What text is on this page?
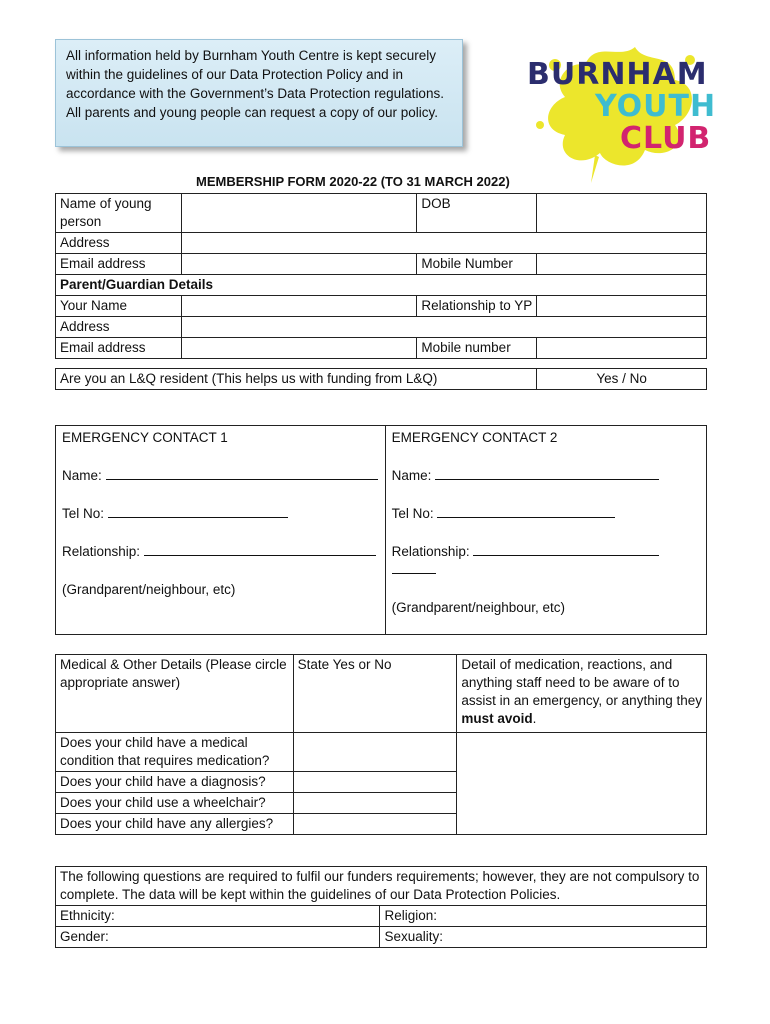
All information held by Burnham Youth Centre is kept securely within the guidelines of our Data Protection Policy and in accordance with the Government’s Data Protection regulations. All parents and young people can request a copy of our policy.
BURNHAM
YOUTH
CLUB
MEMBERSHIP FORM 2020-22 (TO 31 MARCH 2022)
Name of young person		DOB	
Address			
Email address		Mobile Number	
Parent/Guardian Details			
Your Name		Relationship to YP	
Address			
Email address		Mobile number	
Are you an L&Q resident (This helps us with funding from L&Q)	Yes / No
EMERGENCY CONTACT 1
Name:
Tel No:
Relationship:
(Grandparent/neighbour, etc)

EMERGENCY CONTACT 2
Name:
Tel No:
Relationship:

(Grandparent/neighbour, etc)
Medical & Other Details (Please circle appropriate answer)	State Yes or No	Detail of medication, reactions, and anything staff need to be aware of to assist in an emergency, or anything they must avoid.
Does your child have a medical condition that requires medication?		
Does your child have a diagnosis?		
Does your child use a wheelchair?		
Does your child have any allergies?		
The following questions are required to fulfil our funders requirements; however, they are not compulsory to complete. The data will be kept within the guidelines of our Data Protection Policies.	
Ethnicity:	Religion:
Gender:	Sexuality:
